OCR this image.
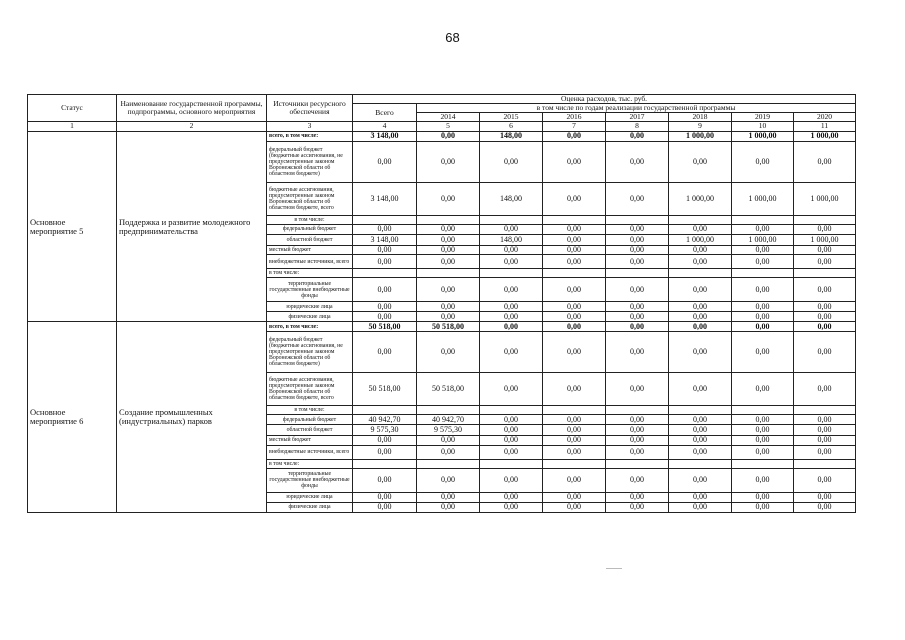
68
Статус	Наименование государственной программы, подпрограммы, основного мероприятия	Источники ресурсного обеспечения	Оценка расходов, тыс. руб.							
			Всего	в том числе по годам реализации государственной программы						
				2014	2015	2016	2017	2018	2019	2020
1	2	3	4	5	6	7	8	9	10	11
Основное мероприятие 5	Поддержка и развитие молодежного предпринимательства	всего, в том числе:	3 148,00	0,00	148,00	0,00	0,00	1 000,00	1 000,00	1 000,00
		федеральный бюджет (бюджетные ассигнования, не предусмотренные законом Воронежской области об областном бюджете)	0,00	0,00	0,00	0,00	0,00	0,00	0,00	0,00
		бюджетные ассигнования, предусмотренные законом Воронежской области об областном бюджете, всего	3 148,00	0,00	148,00	0,00	0,00	1 000,00	1 000,00	1 000,00
		в том числе:								
		федеральный бюджет	0,00	0,00	0,00	0,00	0,00	0,00	0,00	0,00
		областной бюджет	3 148,00	0,00	148,00	0,00	0,00	1 000,00	1 000,00	1 000,00
		местный бюджет	0,00	0,00	0,00	0,00	0,00	0,00	0,00	0,00
		внебюджетные источники, всего	0,00	0,00	0,00	0,00	0,00	0,00	0,00	0,00
		в том числе:								
		территориальные государственные внебюджетные фонды	0,00	0,00	0,00	0,00	0,00	0,00	0,00	0,00
		юридические лица	0,00	0,00	0,00	0,00	0,00	0,00	0,00	0,00
		физические лица	0,00	0,00	0,00	0,00	0,00	0,00	0,00	0,00
Основное мероприятие 6	Создание промышленных (индустриальных) парков	всего, в том числе:	50 518,00	50 518,00	0,00	0,00	0,00	0,00	0,00	0,00
		федеральный бюджет (бюджетные ассигнования, не предусмотренные законом Воронежской области об областном бюджете)	0,00	0,00	0,00	0,00	0,00	0,00	0,00	0,00
		бюджетные ассигнования, предусмотренные законом Воронежской области об областном бюджете, всего	50 518,00	50 518,00	0,00	0,00	0,00	0,00	0,00	0,00
		в том числе:								
		федеральный бюджет	40 942,70	40 942,70	0,00	0,00	0,00	0,00	0,00	0,00
		областной бюджет	9 575,30	9 575,30	0,00	0,00	0,00	0,00	0,00	0,00
		местный бюджет	0,00	0,00	0,00	0,00	0,00	0,00	0,00	0,00
		внебюджетные источники, всего	0,00	0,00	0,00	0,00	0,00	0,00	0,00	0,00
		в том числе:								
		территориальные государственные внебюджетные фонды	0,00	0,00	0,00	0,00	0,00	0,00	0,00	0,00
		юридические лица	0,00	0,00	0,00	0,00	0,00	0,00	0,00	0,00
		физические лица	0,00	0,00	0,00	0,00	0,00	0,00	0,00	0,00
